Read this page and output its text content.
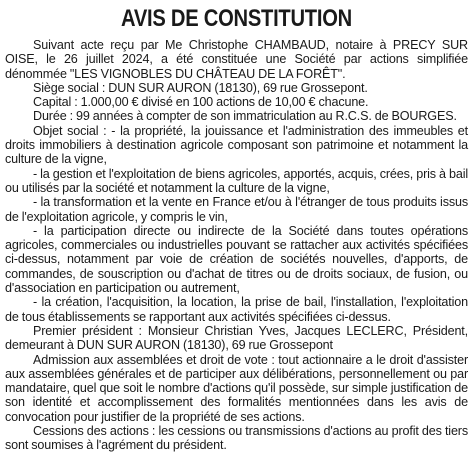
AVIS DE CONSTITUTION

Suivant acte reçu par Me Christophe CHAMBAUD, notaire à PRECY SUR OISE, le 26 juillet 2024, a été constituée une Société par actions simplifiée dénommée "LES VIGNOBLES DU CHÂTEAU DE LA FORÊT".

Siège social : DUN SUR AURON (18130), 69 rue Grossepont.

Capital : 1.000,00 € divisé en 100 actions de 10,00 € chacune.

Durée : 99 années à compter de son immatriculation au R.C.S. de BOURGES.

Objet social : - la propriété, la jouissance et l'administration des immeubles et droits immobiliers à destination agricole composant son patrimoine et notamment la culture de la vigne,

- la gestion et l'exploitation de biens agricoles, apportés, acquis, crées, pris à bail ou utilisés par la société et notamment la culture de la vigne,

- la transformation et la vente en France et/ou à l'étranger de tous produits issus de l'exploitation agricole, y compris le vin,

- la participation directe ou indirecte de la Société dans toutes opérations agricoles, commerciales ou industrielles pouvant se rattacher aux activités spécifiées ci-dessus, notamment par voie de création de sociétés nouvelles, d'apports, de commandes, de souscription ou d'achat de titres ou de droits sociaux, de fusion, ou d'association en participation ou autrement,

- la création, l'acquisition, la location, la prise de bail, l'installation, l'exploitation de tous établissements se rapportant aux activités spécifiées ci-dessus.

Premier président : Monsieur Christian Yves, Jacques LECLERC, Président, demeurant à DUN SUR AURON (18130), 69 rue Grossepont

Admission aux assemblées et droit de vote : tout actionnaire a le droit d'assister aux assemblées générales et de participer aux délibérations, personnellement ou par mandataire, quel que soit le nombre d'actions qu'il possède, sur simple justification de son identité et accomplissement des formalités mentionnées dans les avis de convocation pour justifier de la propriété de ses actions.

Cessions des actions : les cessions ou transmissions d'actions au profit des tiers sont soumises à l'agrément du président.
